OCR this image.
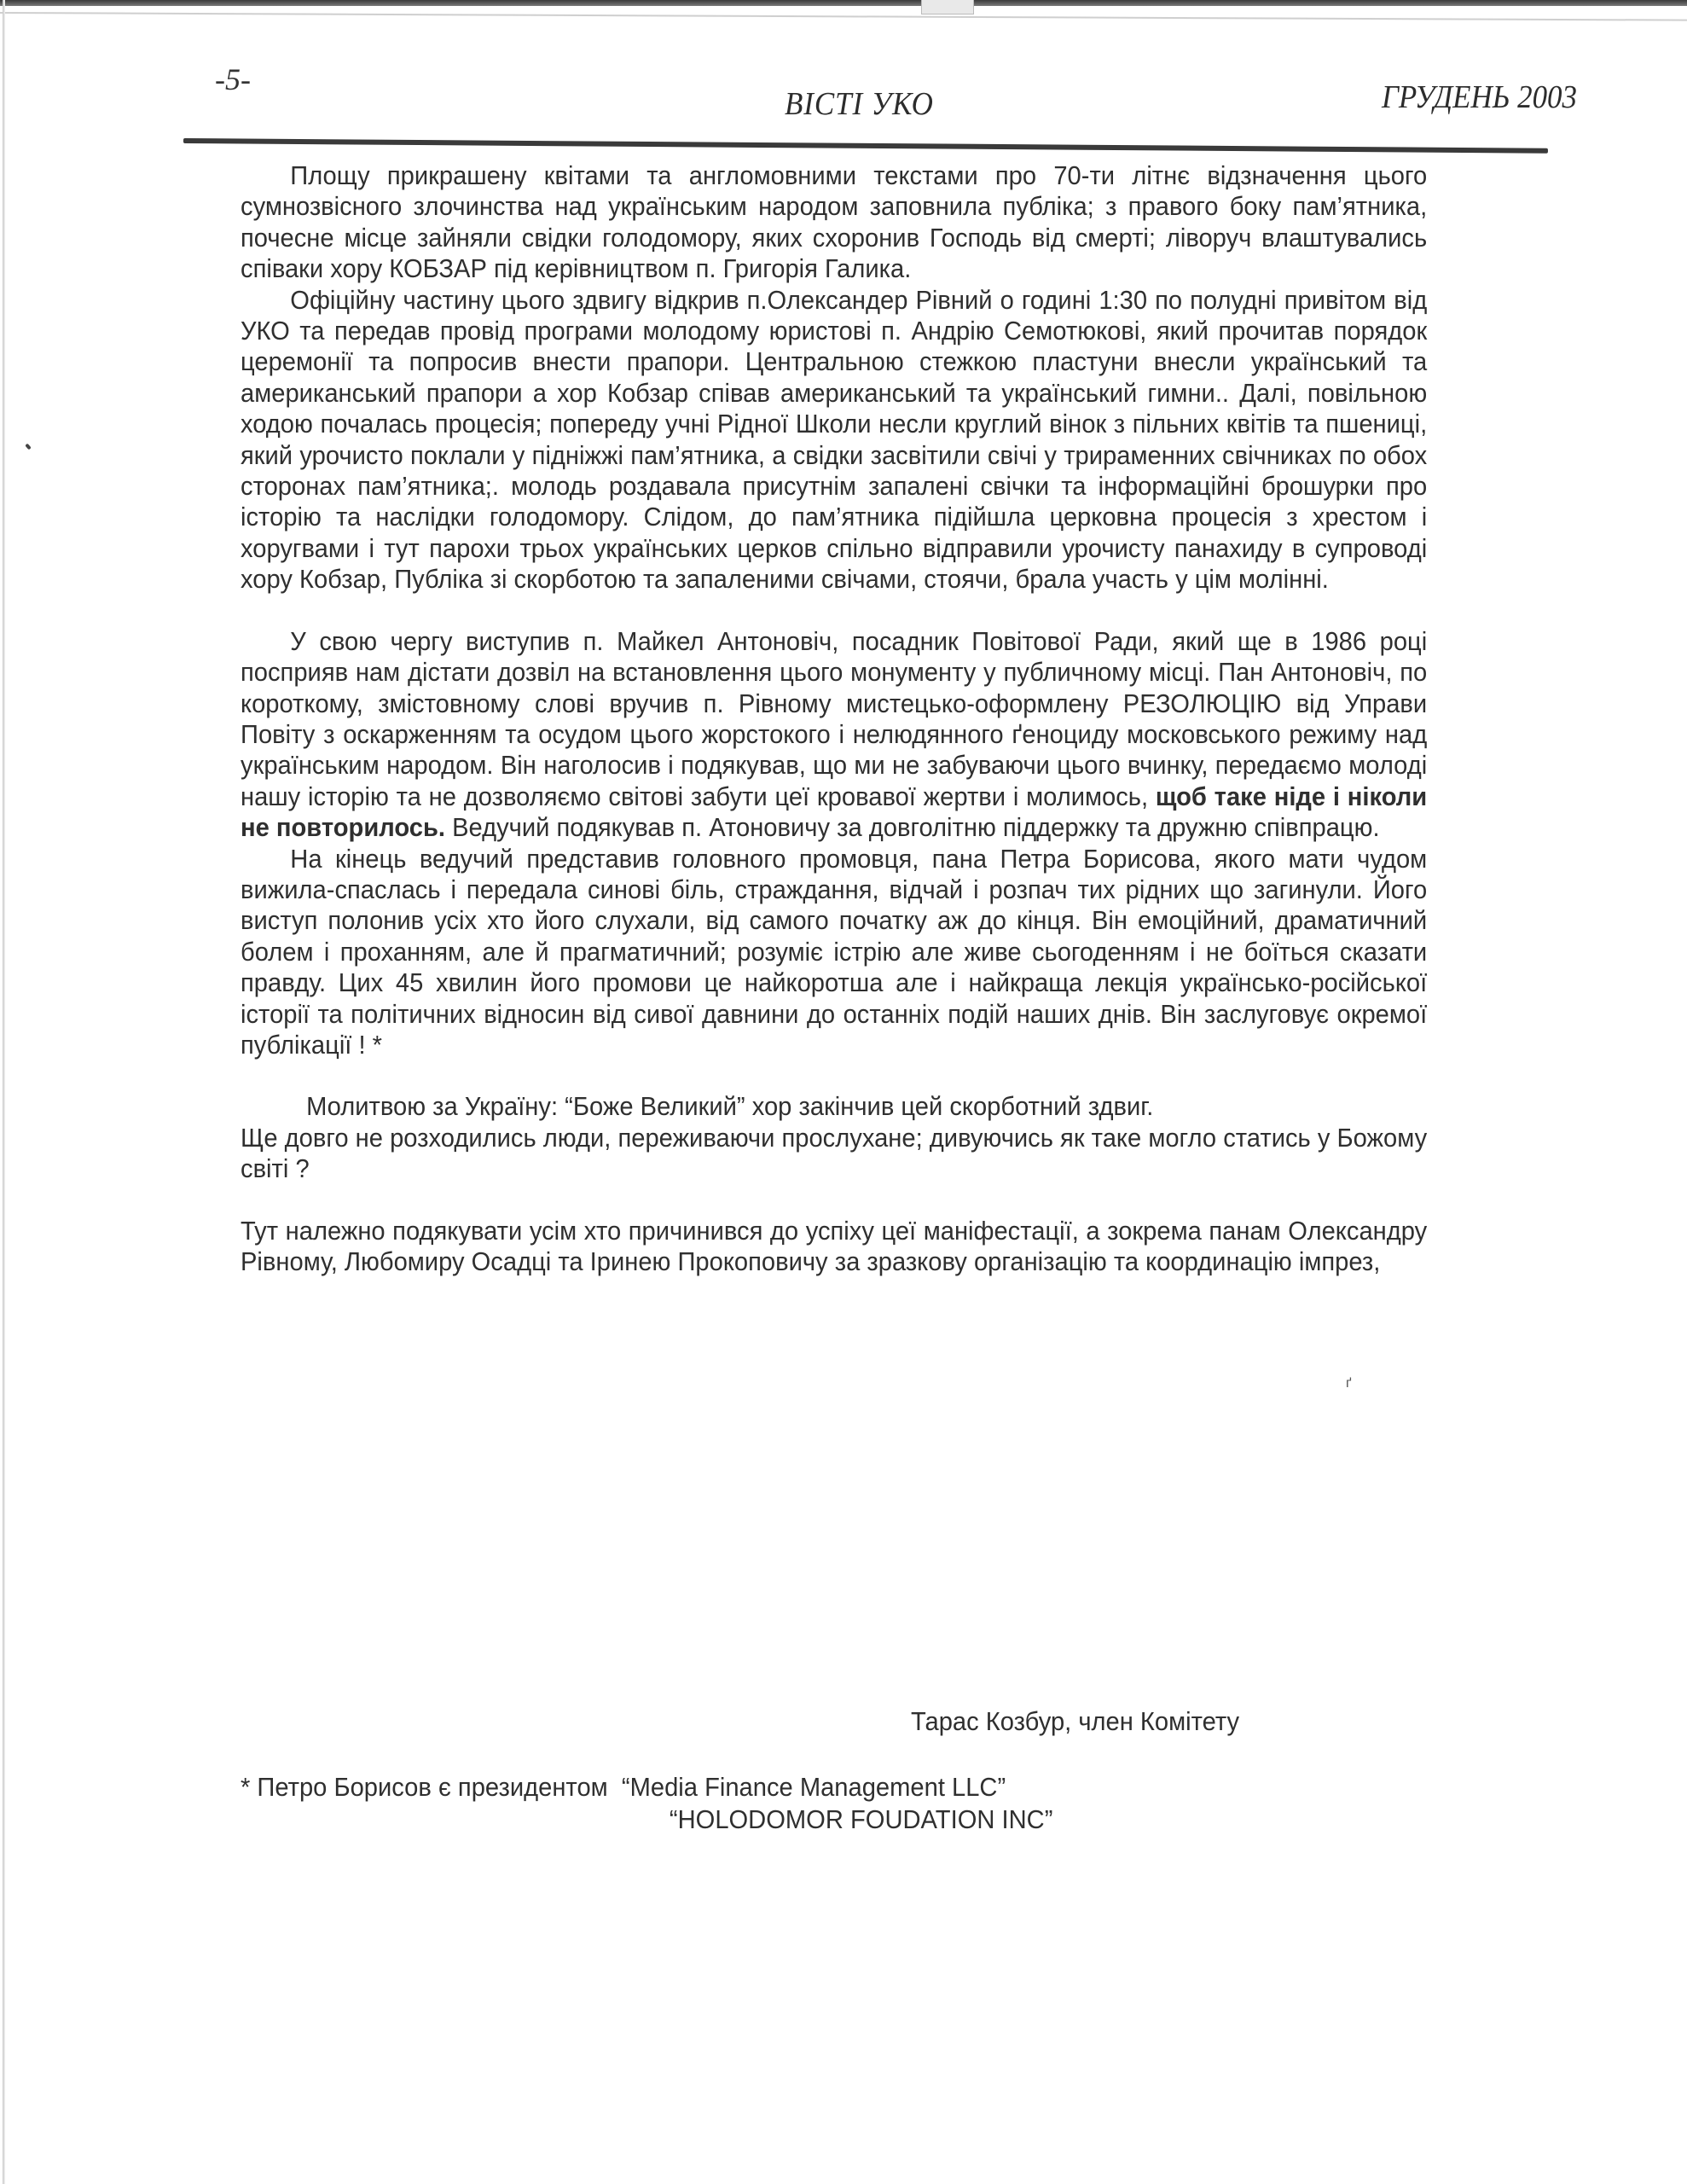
-5-
ВІСТІ УКО	ГРУДЕНЬ 2003

Площу прикрашену квітами та англомовними текстами про 70-ти літнє відзначення цього сумнозвісного злочинства над українським народом заповнила публіка; з правого боку пам’ятника, почесне місце зайняли свідки голодомору, яких схоронив Господь від смерті; ліворуч влаштувались співаки хору КОБЗАР під керівництвом п. Григорія Галика.

Офіційну частину цього здвигу відкрив п.Олександер Рівний о годині 1:30 по полудні привітом від УКО та передав провід програми молодому юристові п. Андрію Семотюкові, який прочитав порядок церемонії та попросив внести прапори. Центральною стежкою пластуни внесли український та американський прапори а хор Кобзар співав американський та український гимни.. Далі, повільною ходою почалась процесія; попереду учні Рідної Школи несли круглий вінок з пільних квітів та пшениці, який урочисто поклали у підніжжі пам’ятника, а свідки засвітили свічі у трираменних свічниках по обох сторонах пам’ятника;. молодь роздавала присутнім запалені свічки та інформаційні брошурки про історію та наслідки голодомору. Слідом, до пам’ятника підійшла церковна процесія з хрестом і хоругвами і тут парохи трьох українських церков спільно відправили урочисту панахиду в супроводі хору Кобзар, Публіка зі скорботою та запаленими свічами, стоячи, брала участь у цім молінні.

У свою чергу виступив п. Майкел Антоновіч, посадник Повітової Ради, який ще в 1986 році посприяв нам дістати дозвіл на встановлення цього монументу у публичному місці. Пан Антоновіч, по короткому, змістовному слові вручив п. Рівному мистецько-оформлену РЕЗОЛЮЦІЮ від Управи Повіту з оскарженням та осудом цього жорстокого і нелюдянного ґеноциду московського режиму над українським народом. Він наголосив і подякував, що ми не забуваючи цього вчинку, передаємо молоді нашу історію та не дозволяємо світові забути цеї кровавої жертви і молимось, щоб таке ніде і ніколи не повторилось. Ведучий подякував п. Атоновичу за довголітню піддержку та дружню співпрацю.

На кінець ведучий представив головного промовця, пана Петра Борисова, якого мати чудом вижила-спаслась і передала синові біль, страждання, відчай і розпач тих рідних що загинули. Його виступ полонив усіх хто його слухали, від самого початку аж до кінця. Він емоційний, драматичний болем і проханням, але й прагматичний; розуміє істрію але живе сьогоденням і не боїться сказати правду. Цих 45 хвилин його промови це найкоротша але і найкраща лекція українсько-російської історії та політичних відносин від сивої давнини до останніх подій наших днів. Він заслуговує окремої публікації ! *

Молитвою за Україну: “Боже Великий” хор закінчив цей скорботний здвиг.

Ще довго не розходились люди, переживаючи прослухане; дивуючись як таке могло статись у Божому світі ?

Тут належно подякувати усім хто причинився до успіху цеї маніфестації, а зокрема панам Олександру Рівному, Любомиру Осадці та Іринею Прокоповичу за зразкову організацію та координацію імпрез,

ґ
Тарас Козбур, член Комітету
* Петро Борисов є президентом “Media Finance Management LLC”
“HOLODOMOR FOUDATION INC”
